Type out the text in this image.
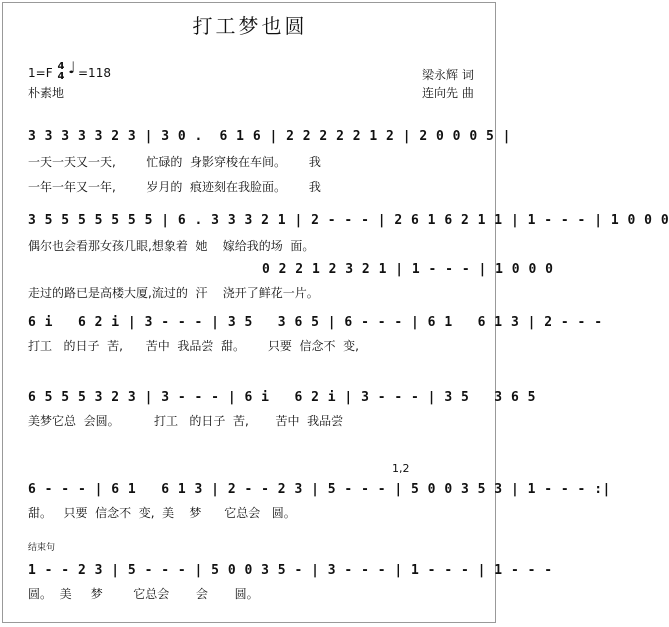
打工梦也圆
1=F 4
4 ♩ =118
朴素地
梁永辉 词
连向先 曲
3 3 3 3 3 2 3 | 3 0 .  6 1 6 | 2 2 2 2 2 1 2 | 2 0 0 0 5 |
一天一天又一天,        忙碌的  身影穿梭在车间。      我
一年一年又一年,        岁月的  痕迹刻在我脸面。      我
3 5 5 5 5 5 5 5 | 6 . 3 3 3 2 1 | 2 - - - | 2 6 1 6 2 1 1 | 1 - - - | 1 0 0 0
偶尔也会看那女孩几眼,想象着  她    嫁给我的场  面。
0 2 2 1 2 3 2 1 | 1 - - - | 1 0 0 0
走过的路已是高楼大厦,流过的  汗    浇开了鲜花一片。
6 i   6 2 i | 3 - - - | 3 5   3 6 5 | 6 - - - | 6 1   6 1 3 | 2 - - -
打工   的日子  苦,      苦中  我品尝  甜。      只要  信念不  变,
6 5 5 5 3 2 3 | 3 - - - | 6 i   6 2 i | 3 - - - | 3 5   3 6 5
美梦它总  会圆。         打工   的日子  苦,       苦中  我品尝
1,2
6 - - - | 6 1   6 1 3 | 2 - - 2 3 | 5 - - - | 5 0 0 3 5 3 | 1 - - - :|
甜。   只要  信念不  变,  美    梦      它总会   圆。
结束句
1 - - 2 3 | 5 - - - | 5 0 0 3 5 - | 3 - - - | 1 - - - | 1 - - -
圆。  美     梦        它总会       会       圆。
